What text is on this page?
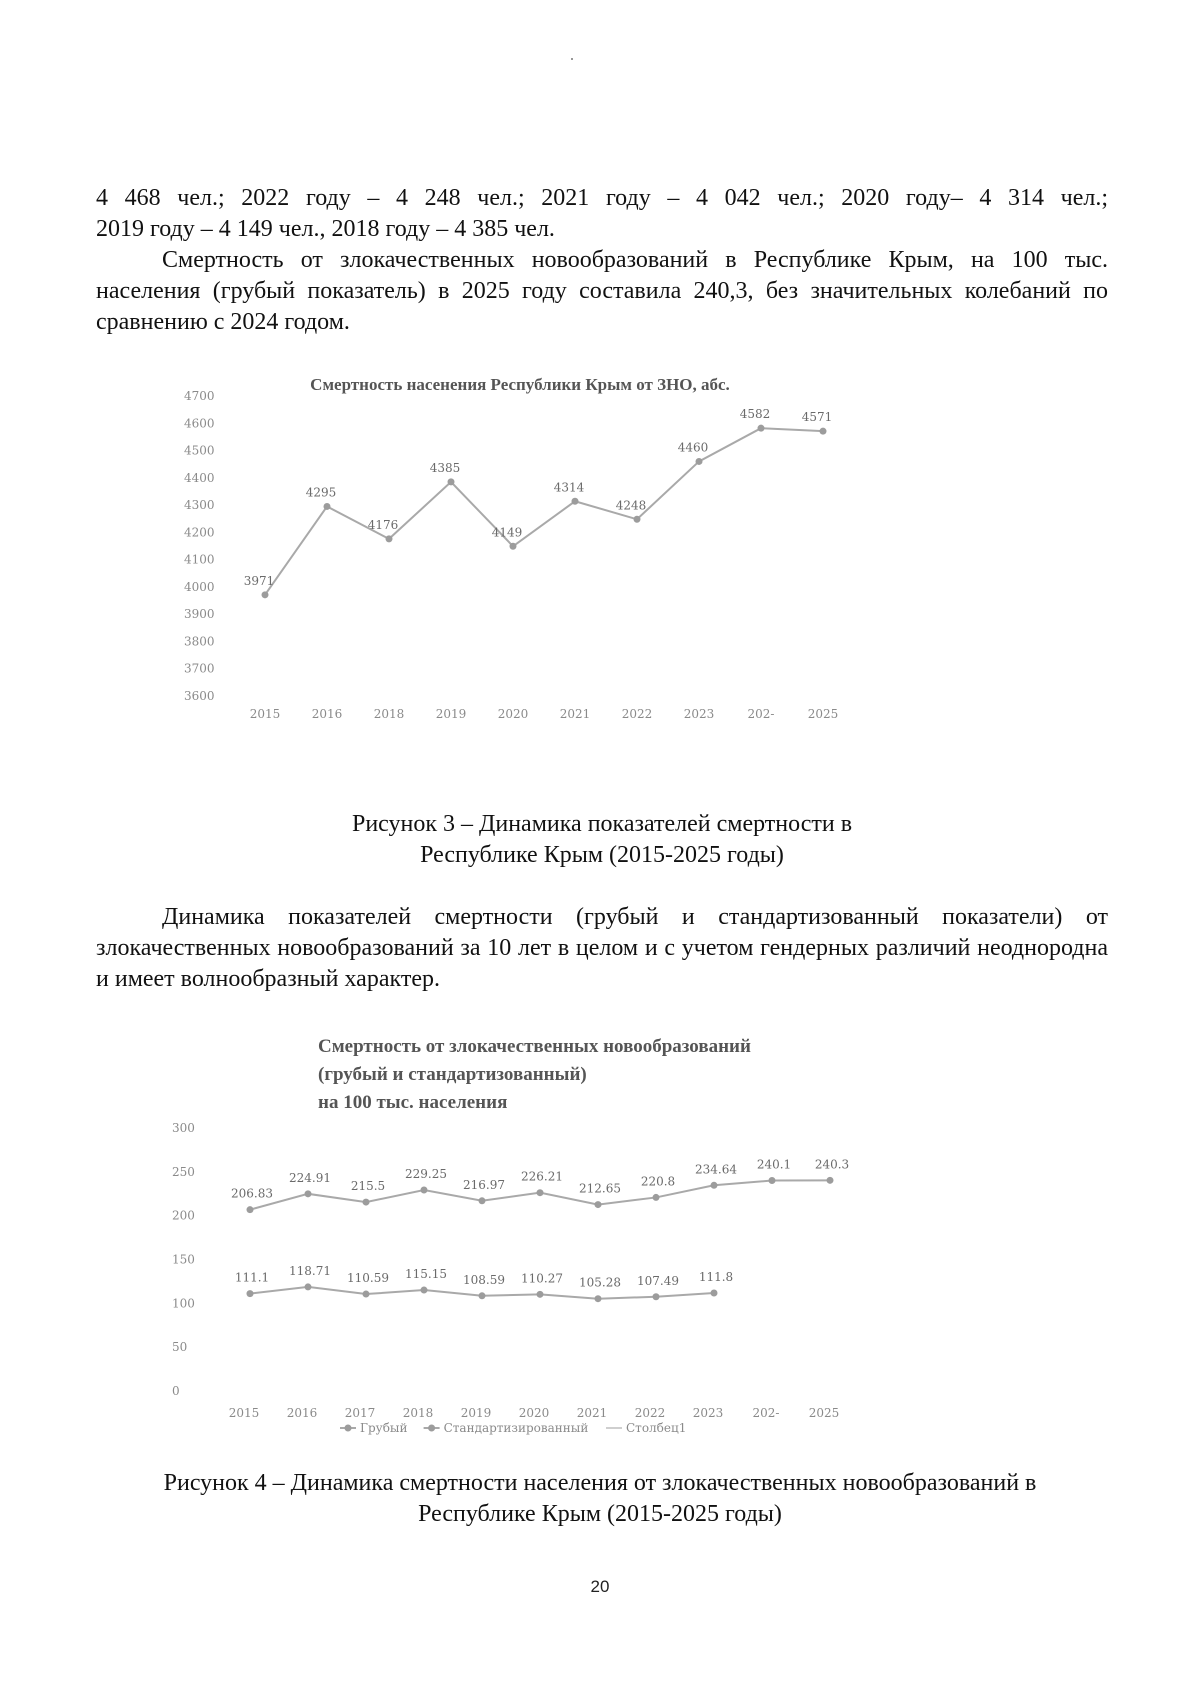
4 468 чел.; 2022 году – 4 248 чел.; 2021 году – 4 042 чел.; 2020 году– 4 314 чел.;

2019 году – 4 149 чел., 2018 году – 4 385 чел.

Смертность от злокачественных новообразований в Республике Крым, на 100 тыс. населения (грубый показатель) в 2025 году составила 240,3, без значительных колебаний по сравнению с 2024 годом.

Смертность насенения Республики Крым от ЗНО, абс.
3600
3700
3800
3900
4000
4100
4200
4300
4400
4500
4600
4700
2015	2016	2018	2019	2020	2021	2022	2023	202-	2025
3971
4295
4176
4385
4149
4314
4248
4460
4582	4571
Рисунок 3 – Динамика показателей смертности в
Республике Крым (2015-2025 годы)

Динамика показателей смертности (грубый и стандартизованный показатели) от злокачественных новообразований за 10 лет в целом и с учетом гендерных различий неоднородна и имеет волнообразный характер.

Смертность от злокачественных новообразований
(грубый и стандартизованный)
на 100 тыс. населения
0
50
100
150
200
250
300
2015 2016 2017 2018 2019 2020 2021 2022 2023 202- 2025
206.83
224.91
215.5
229.25
216.97
226.21
212.65
220.8
234.64 240.1 240.3
111.1 118.71
110.59 115.15 108.59 110.27 105.28 107.49 111.8
Грубый	Стандартизированный	Столбец1
Рисунок 4 – Динамика смертности населения от злокачественных новообразований в
Республике Крым (2015-2025 годы)
20
